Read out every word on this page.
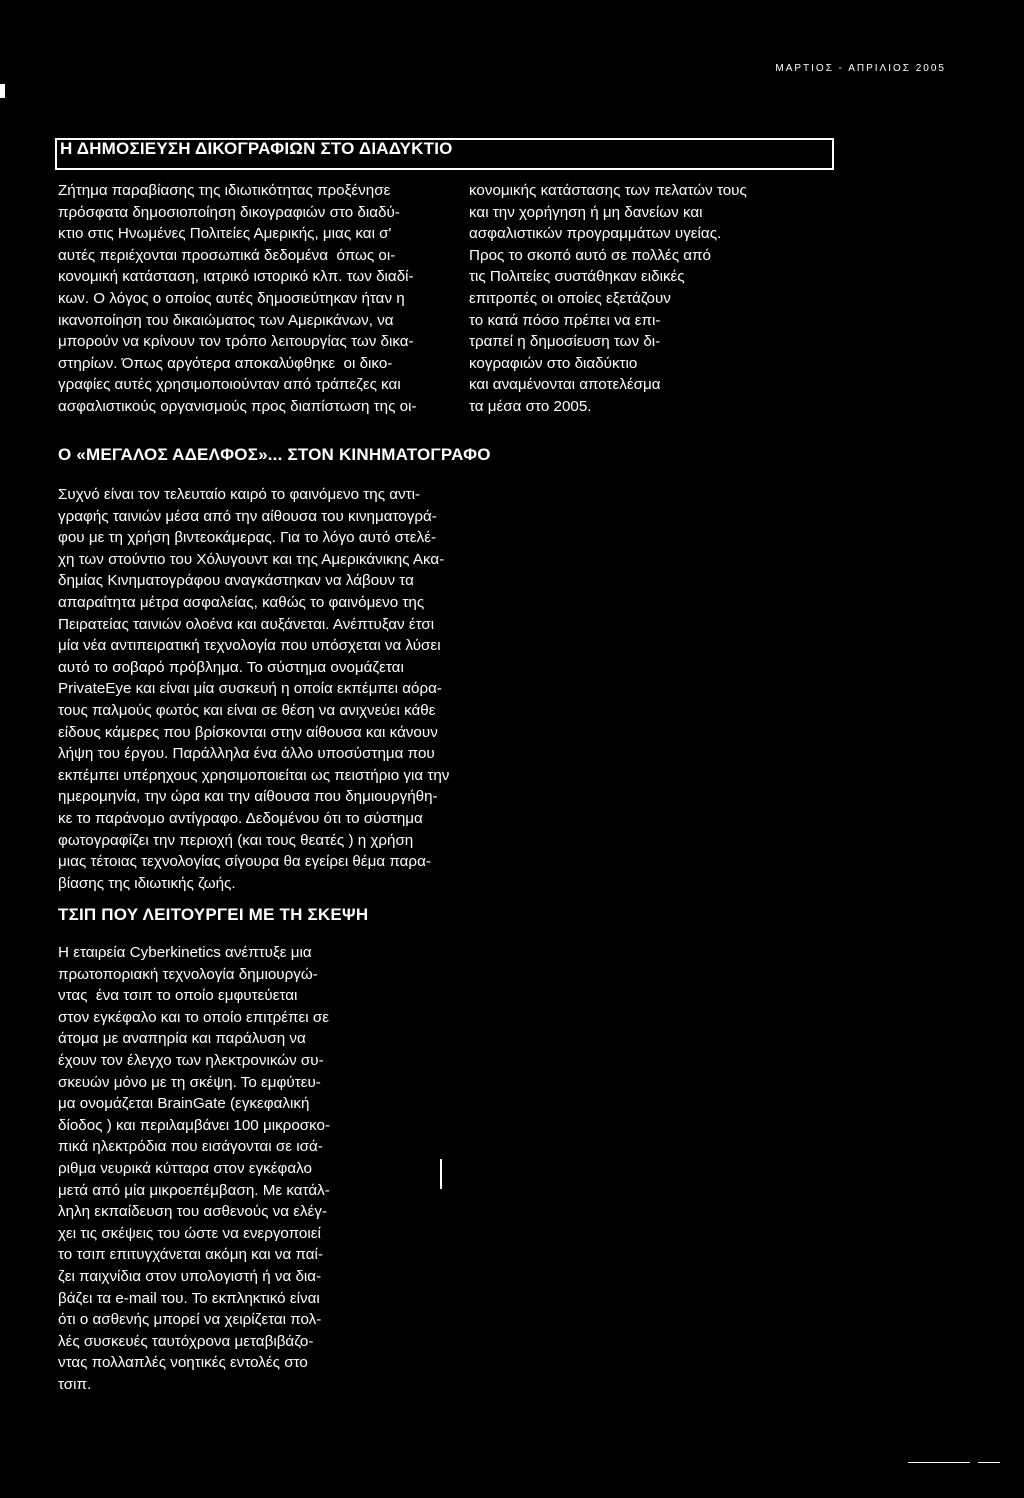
ΜΑΡΤΙΟΣ - ΑΠΡΙΛΙΟΣ 2005
Η ΔΗΜΟΣΙΕΥΣΗ ΔΙΚΟΓΡΑΦΙΩΝ ΣΤΟ ΔΙΑΔΥΚΤΙΟ

Ζήτημα παραβίασης της ιδιωτικότητας προξένησε

πρόσφατα δημοσιοποίηση δικογραφιών στο διαδύ-

κτιο στις Ηνωμένες Πολιτείες Αμερικής, μιας και σ'

αυτές περιέχονται προσωπικά δεδομένα  όπως οι-

κονομική κατάσταση, ιατρικό ιστορικό κλπ. των διαδί-

κων. Ο λόγος ο οποίος αυτές δημοσιεύτηκαν ήταν η

ικανοποίηση του δικαιώματος των Αμερικάνων, να

μπορούν να κρίνουν τον τρόπο λειτουργίας των δικα-

στηρίων. Όπως αργότερα αποκαλύφθηκε  οι δικο-

γραφίες αυτές χρησιμοποιούνταν από τράπεζες και

ασφαλιστικούς οργανισμούς προς διαπίστωση της οι-

κονομικής κατάστασης των πελατών τους

και την χορήγηση ή μη δανείων και

ασφαλιστικών προγραμμάτων υγείας.

Προς το σκοπό αυτό σε πολλές από

τις Πολιτείες συστάθηκαν ειδικές

επιτροπές οι οποίες εξετάζουν

το κατά πόσο πρέπει να επι-

τραπεί η δημοσίευση των δι-

κογραφιών στο διαδύκτιο

και αναμένονται αποτελέσμα

τα μέσα στο 2005.

Ο «ΜΕΓΑΛΟΣ ΑΔΕΛΦΟΣ»... ΣΤΟΝ ΚΙΝΗΜΑΤΟΓΡΑΦΟ

Συχνό είναι τον τελευταίο καιρό το φαινόμενο της αντι-

γραφής ταινιών μέσα από την αίθουσα του κινηματογρά-

φου με τη χρήση βιντεοκάμερας. Για το λόγο αυτό στελέ-

χη των στούντιο του Χόλυγουντ και της Αμερικάνικης Ακα-

δημίας Κινηματογράφου αναγκάστηκαν να λάβουν τα

απαραίτητα μέτρα ασφαλείας, καθώς το φαινόμενο της

Πειρατείας ταινιών ολοένα και αυξάνεται. Ανέπτυξαν έτσι

μία νέα αντιπειρατική τεχνολογία που υπόσχεται να λύσει

αυτό το σοβαρό πρόβλημα. Το σύστημα ονομάζεται

PrivateEye και είναι μία συσκευή η οποία εκπέμπει αόρα-

τους παλμούς φωτός και είναι σε θέση να ανιχνεύει κάθε

είδους κάμερες που βρίσκονται στην αίθουσα και κάνουν

λήψη του έργου. Παράλληλα ένα άλλο υποσύστημα που

εκπέμπει υπέρηχους χρησιμοποιείται ως πειστήριο για την

ημερομηνία, την ώρα και την αίθουσα που δημιουργήθη-

κε το παράνομο αντίγραφο. Δεδομένου ότι το σύστημα

φωτογραφίζει την περιοχή (και τους θεατές ) η χρήση

μιας τέτοιας τεχνολογίας σίγουρα θα εγείρει θέμα παρα-

βίασης της ιδιωτικής ζωής.

ΤΣΙΠ ΠΟΥ ΛΕΙΤΟΥΡΓΕΙ ΜΕ ΤΗ ΣΚΕΨΗ

Η εταιρεία Cyberkinetics ανέπτυξε μια

πρωτοποριακή τεχνολογία δημιουργώ-

ντας  ένα τσιπ το οποίο εμφυτεύεται

στον εγκέφαλο και το οποίο επιτρέπει σε

άτομα με αναπηρία και παράλυση να

έχουν τον έλεγχο των ηλεκτρονικών συ-

σκευών μόνο με τη σκέψη. Το εμφύτευ-

μα ονομάζεται BrainGate (εγκεφαλική

δίοδος ) και περιλαμβάνει 100 μικροσκο-

πικά ηλεκτρόδια που εισάγονται σε ισά-

ριθμα νευρικά κύτταρα στον εγκέφαλο

μετά από μία μικροεπέμβαση. Με κατάλ-

ληλη εκπαίδευση του ασθενούς να ελέγ-

χει τις σκέψεις του ώστε να ενεργοποιεί

το τσιπ επιτυγχάνεται ακόμη και να παί-

ζει παιχνίδια στον υπολογιστή ή να δια-

βάζει τα e-mail του. Το εκπληκτικό είναι

ότι ο ασθενής μπορεί να χειρίζεται πολ-

λές συσκευές ταυτόχρονα μεταβιβάζο-

ντας πολλαπλές νοητικές εντολές στο

τσιπ.
